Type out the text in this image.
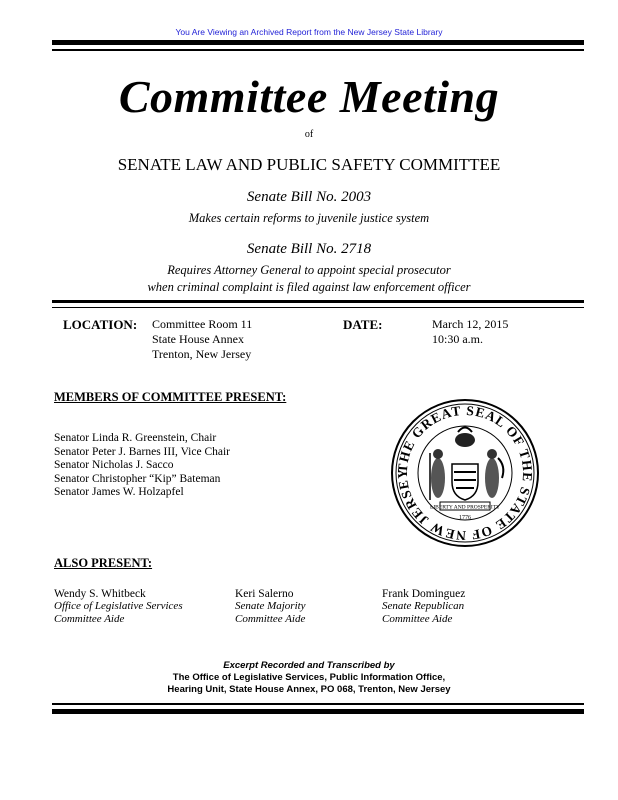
You Are Viewing an Archived Report from the New Jersey State Library
Committee Meeting
of
SENATE LAW AND PUBLIC SAFETY COMMITTEE
Senate Bill No. 2003
Makes certain reforms to juvenile justice system
Senate Bill No. 2718
Requires Attorney General to appoint special prosecutor
when criminal complaint is filed against law enforcement officer
LOCATION: Committee Room 11
State House Annex
Trenton, New Jersey
DATE:	March 12, 2015
10:30 a.m.
MEMBERS OF COMMITTEE PRESENT:
Senator Linda R. Greenstein, Chair
Senator Peter J. Barnes III, Vice Chair
Senator Nicholas J. Sacco
Senator Christopher “Kip” Bateman
Senator James W. Holzapfel
THE GREAT SEAL OF THE STATE OF NEW JERSEY
LIBERTY AND PROSPERITY
1776
ALSO PRESENT:
Wendy S. Whitbeck
Office of Legislative Services
Committee Aide
Keri Salerno
Senate Majority
Committee Aide
Frank Dominguez
Senate Republican
Committee Aide
Excerpt Recorded and Transcribed by
The Office of Legislative Services, Public Information Office,
Hearing Unit, State House Annex, PO 068, Trenton, New Jersey
